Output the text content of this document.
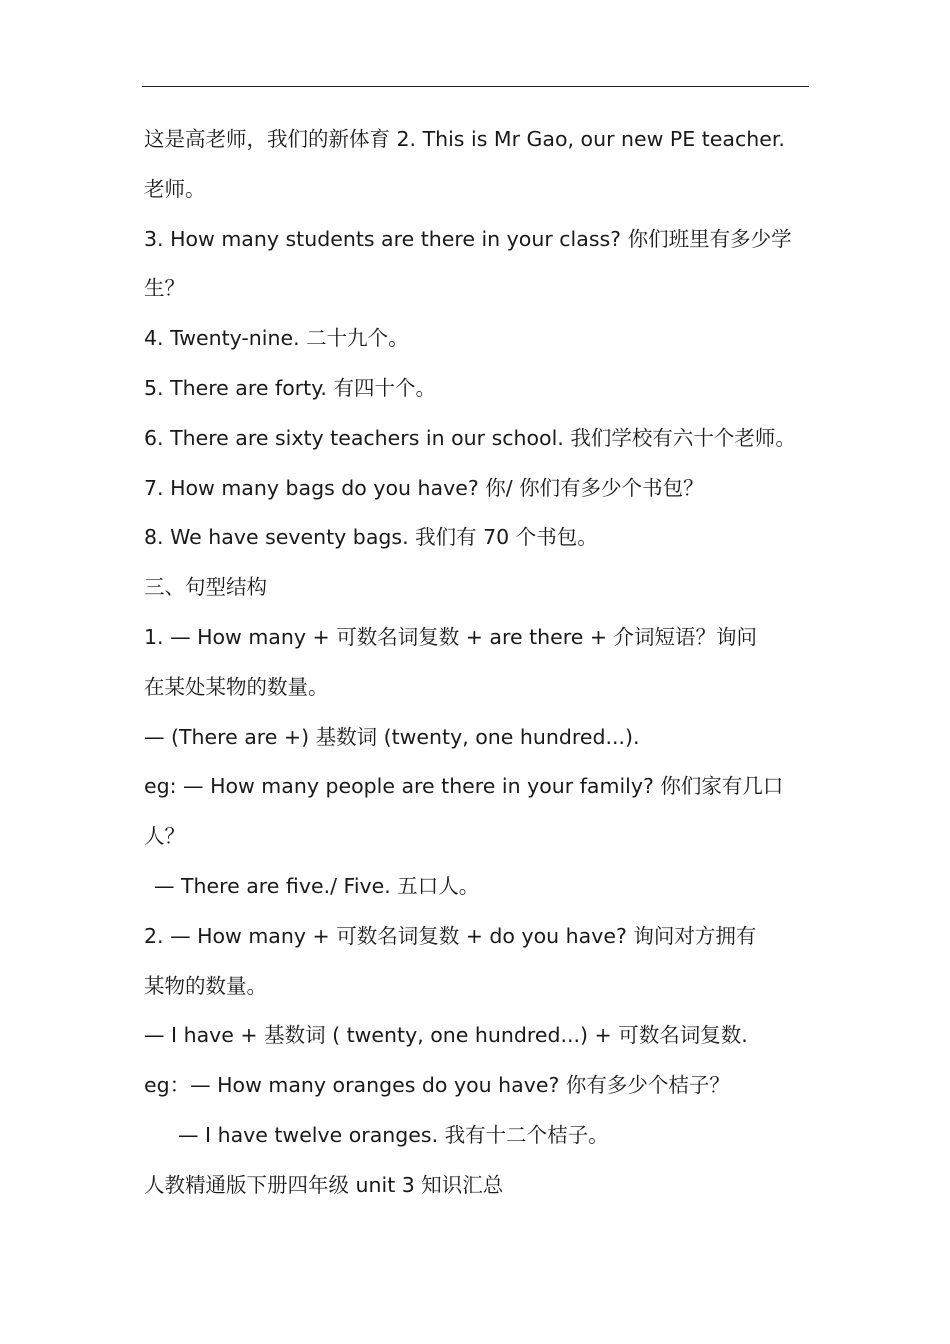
这是高老师，我们的新体育 2. This is Mr Gao, our new PE teacher.
老师。
3. How many students are there in your class? 你们班里有多少学
生？
4. Twenty-nine. 二十九个。
5. There are forty. 有四十个。
6. There are sixty teachers in our school. 我们学校有六十个老师。
7. How many bags do you have? 你/ 你们有多少个书包？
8. We have seventy bags. 我们有 70 个书包。
三、句型结构
1. — How many + 可数名词复数 + are there + 介词短语？询问
在某处某物的数量。
— (There are +) 基数词 (twenty, one hundred...).
eg: — How many people are there in your family? 你们家有几口
人？
— There are five./ Five. 五口人。
2. — How many + 可数名词复数 + do you have? 询问对方拥有
某物的数量。
— I have + 基数词 ( twenty, one hundred...) + 可数名词复数.
eg：— How many oranges do you have? 你有多少个桔子？
— I have twelve oranges. 我有十二个桔子。
人教精通版下册四年级 unit 3 知识汇总
